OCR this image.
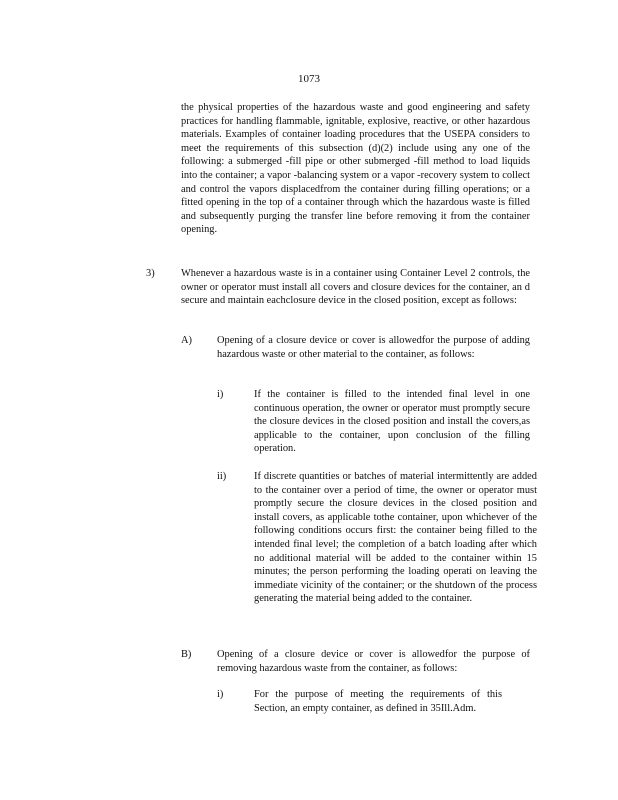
1073

the physical properties of the hazardous waste and good engineering and safety practices for handling flammable, ignitable, explosive, reactive, or other hazardous materials. Examples of container loading procedures that the USEPA considers to meet the requirements of this subsection (d)(2) include using any one of the following: a submerged -fill pipe or other submerged -fill method to load liquids into the container; a vapor -balancing system or a vapor -recovery system to collect and control the vapors displacedfrom the container during filling operations; or a fitted opening in the top of a container through which the hazardous waste is filled and subsequently purging the transfer line before removing it from the container opening.

3)	Whenever a hazardous waste is in a container using Container Level 2 controls, the owner or operator must install all covers and closure devices for the container, an d secure and maintain eachclosure device in the closed position, except as follows:

A) Opening of a closure device or cover is allowedfor the purpose of adding hazardous waste or other material to the container, as follows:

i)	If the container is filled to the intended final level in one continuous operation, the owner or operator must promptly secure the closure devices in the closed position and install the covers,as applicable to the container, upon conclusion of the filling operation.

ii)	If discrete quantities or batches of material intermittently are added to the container over a period of time, the owner or operator must promptly secure the closure devices in the closed position and install covers, as applicable tothe container, upon whichever of the following conditions occurs first: the container being filled to the intended final level; the completion of a batch loading after which no additional material will be added to the container within 15 minutes; the person performing the loading operati on leaving the immediate vicinity of the container; or the shutdown of the process generating the material being added to the container.

B) Opening of a closure device or cover is allowedfor the purpose of removing hazardous waste from the container, as follows:

i)	For the purpose of meeting the requirements of this Section, an empty container, as defined in 35Ill.Adm.
